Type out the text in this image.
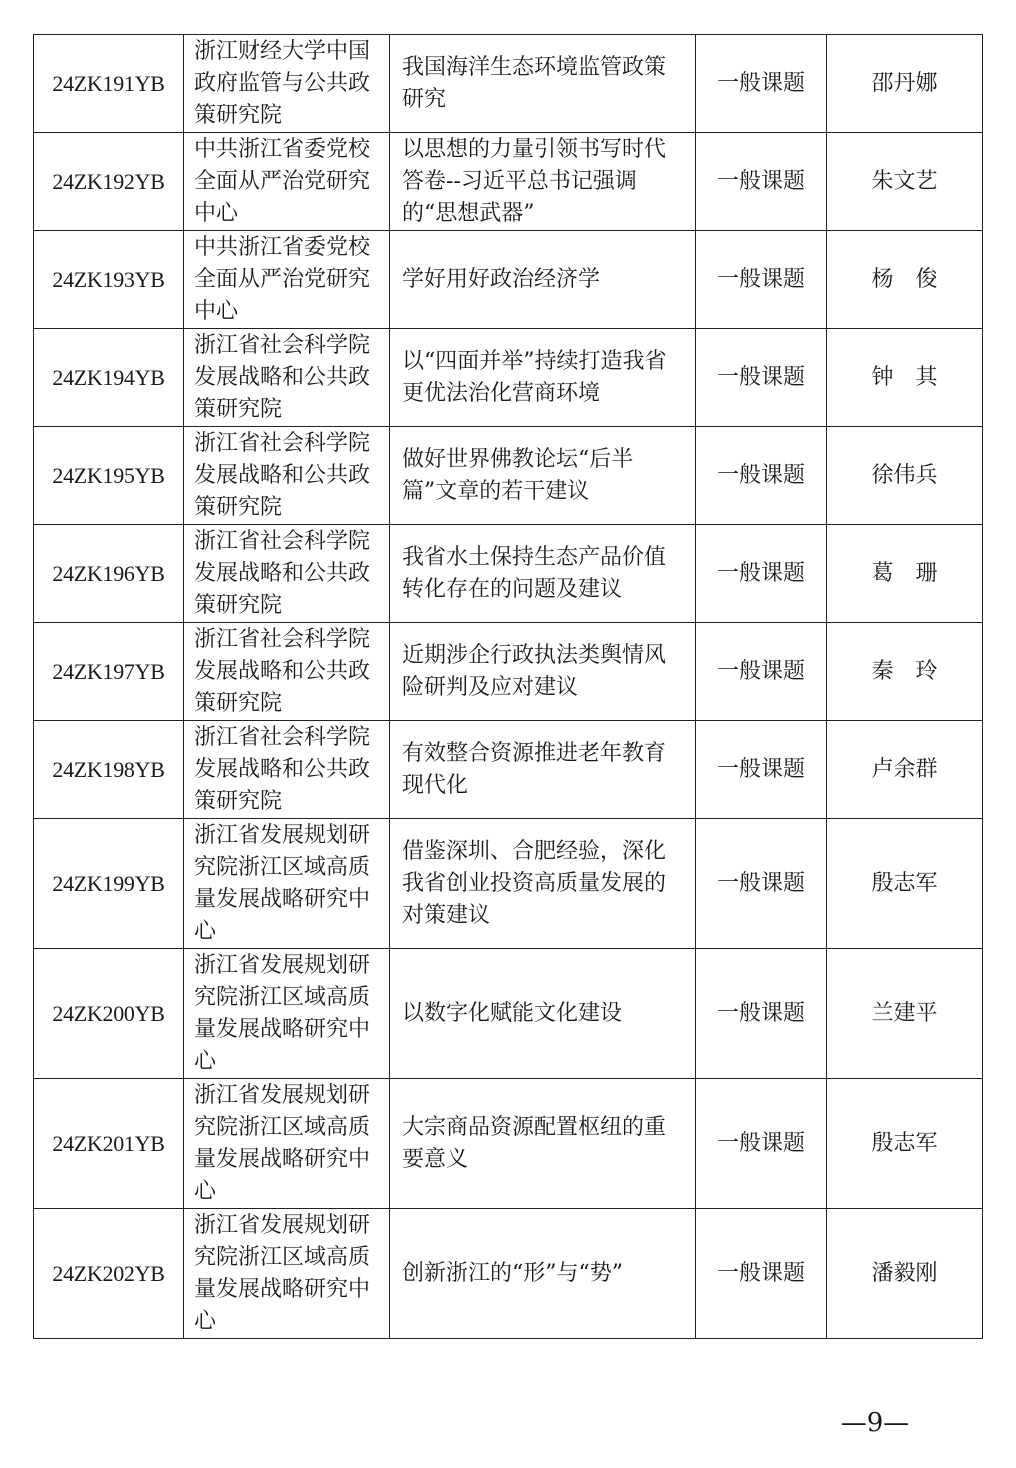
24ZK191YB	浙江财经大学中国政府监管与公共政策研究院	我国海洋生态环境监管政策研究	一般课题	邵丹娜
24ZK192YB	中共浙江省委党校全面从严治党研究中心	以思想的力量引领书写时代答卷--习近平总书记强调的“思想武器”	一般课题	朱文艺
24ZK193YB	中共浙江省委党校全面从严治党研究中心	学好用好政治经济学	一般课题	杨　俊
24ZK194YB	浙江省社会科学院发展战略和公共政策研究院	以“四面并举”持续打造我省更优法治化营商环境	一般课题	钟　其
24ZK195YB	浙江省社会科学院发展战略和公共政策研究院	做好世界佛教论坛“后半篇”文章的若干建议	一般课题	徐伟兵
24ZK196YB	浙江省社会科学院发展战略和公共政策研究院	我省水土保持生态产品价值转化存在的问题及建议	一般课题	葛　珊
24ZK197YB	浙江省社会科学院发展战略和公共政策研究院	近期涉企行政执法类舆情风险研判及应对建议	一般课题	秦　玲
24ZK198YB	浙江省社会科学院发展战略和公共政策研究院	有效整合资源推进老年教育现代化	一般课题	卢余群
24ZK199YB	浙江省发展规划研究院浙江区域高质量发展战略研究中心	借鉴深圳、合肥经验，深化我省创业投资高质量发展的对策建议	一般课题	殷志军
24ZK200YB	浙江省发展规划研究院浙江区域高质量发展战略研究中心	以数字化赋能文化建设	一般课题	兰建平
24ZK201YB	浙江省发展规划研究院浙江区域高质量发展战略研究中心	大宗商品资源配置枢纽的重要意义	一般课题	殷志军
24ZK202YB	浙江省发展规划研究院浙江区域高质量发展战略研究中心	创新浙江的“形”与“势”	一般课题	潘毅刚
—9—
